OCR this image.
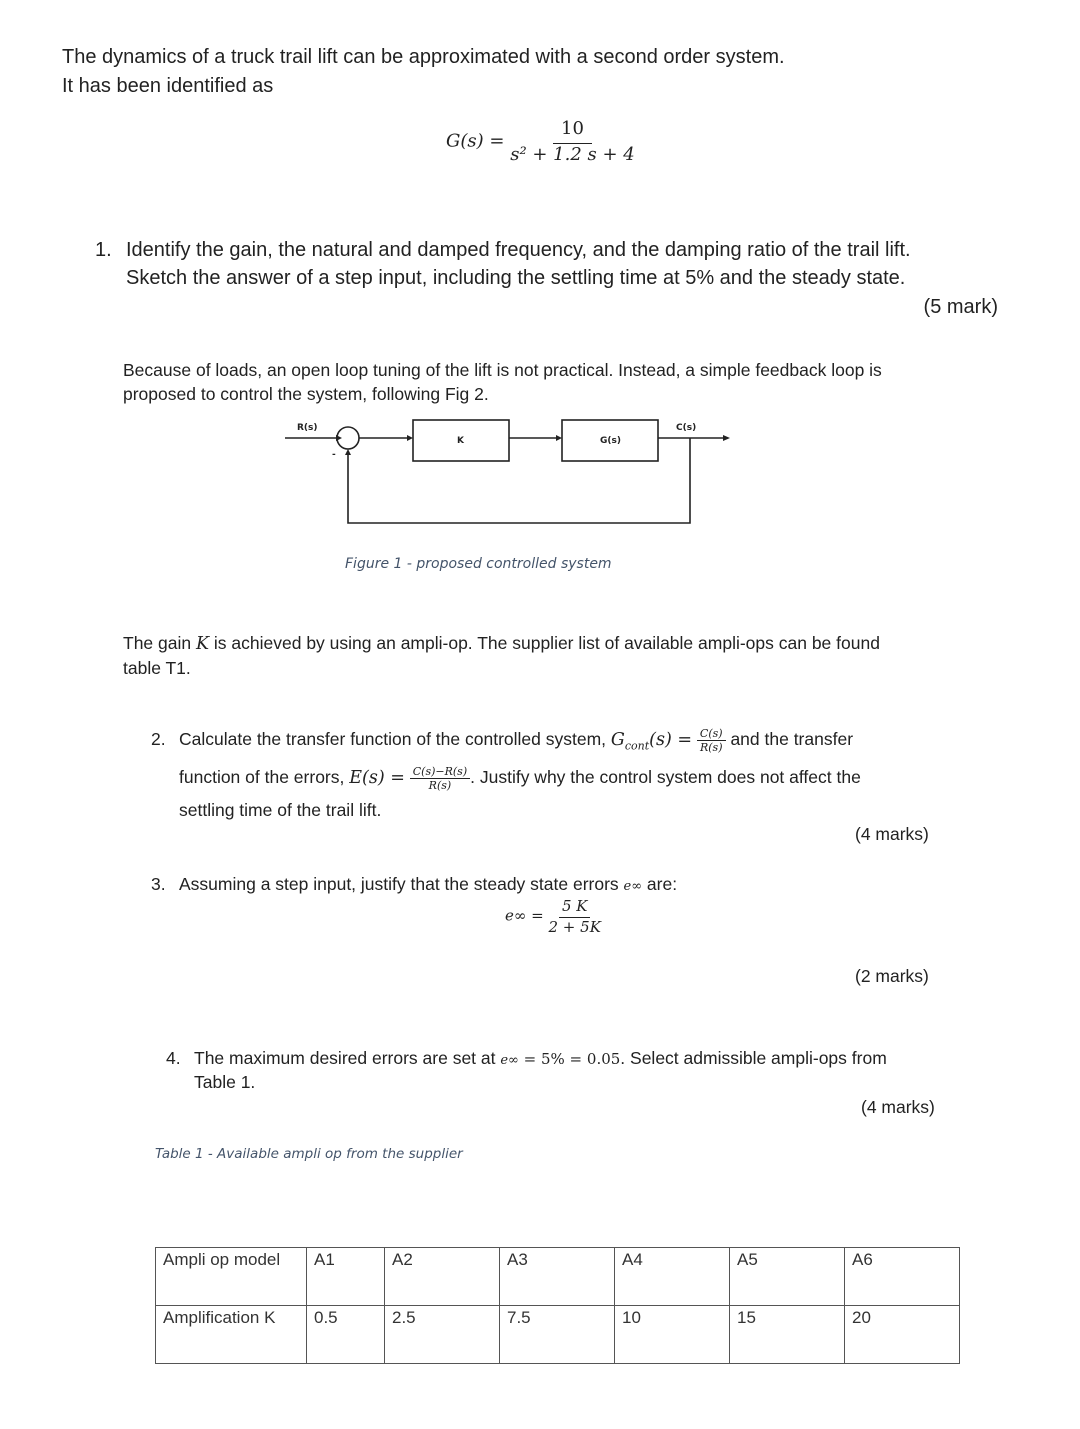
The dynamics of a truck trail lift can be approximated with a second order system.
It has been identified as
$G(s) = \frac{10}{\text{s² + 1.2 s + 4}}$
1. Identify the gain, the natural and damped frequency, and the damping ratio of the trail lift.
Sketch the answer of a step input, including the settling time at 5% and the steady state.
(5 mark)
Because of loads, an open loop tuning of the lift is not practical. Instead, a simple feedback loop is
proposed to control the system, following Fig 2.
R(s)	C(s)
K	G(s)
-
Figure 1 - proposed controlled system
The gain K is achieved by using an ampli-op. The supplier list of available ampli-ops can be found
table T1.
2. Calculate the transfer function of the controlled system, $G_{cont}(s) = \frac{C(s)}{R(s)}$ and the transfer
function of the errors, $E(s) = \frac{C(s)-R(s)}{R(s)}$ . Justify why the control system does not affect the
settling time of the trail lift.
(4 marks)
3. Assuming a step input, justify that the steady state errors e∞ are:
$e\infty = \frac{5 K}{2 + 5K}$
(2 marks)
4. The maximum desired errors are set at e∞ = 5% = 0.05. Select admissible ampli-ops from
Table 1.
(4 marks)
Table 1 - Available ampli op from the supplier
Ampli op model	A1	A2	A3	A4	A5	A6
Amplification K	0.5	2.5	7.5	10	15	20
